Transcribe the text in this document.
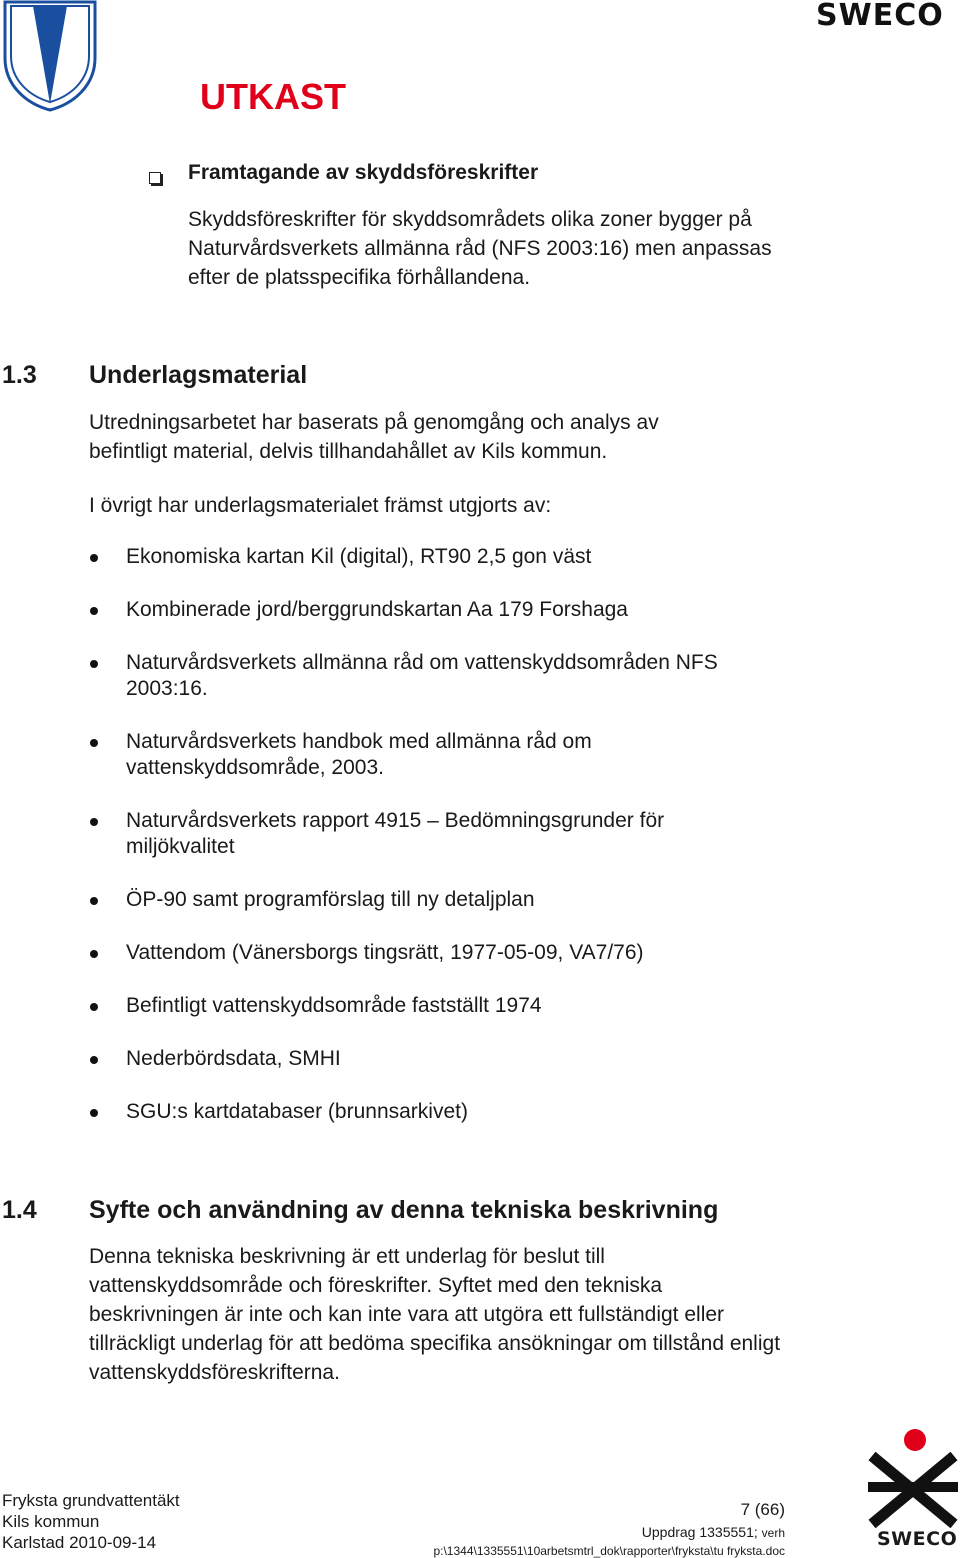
SWECO
UTKAST
Framtagande av skyddsföreskrifter
Skyddsföreskrifter för skyddsområdets olika zoner bygger på Naturvårdsverkets allmänna råd (NFS 2003:16) men anpassas efter de platsspecifika förhållandena.
1.3 Underlagsmaterial
Utredningsarbetet har baserats på genomgång och analys av befintligt material, delvis tillhandahållet av Kils kommun.
I övrigt har underlagsmaterialet främst utgjorts av:
Ekonomiska kartan Kil (digital), RT90 2,5 gon väst
Kombinerade jord/berggrundskartan Aa 179 Forshaga
Naturvårdsverkets allmänna råd om vattenskyddsområden NFS 2003:16.
Naturvårdsverkets handbok med allmänna råd om vattenskyddsområde, 2003.
Naturvårdsverkets rapport 4915 – Bedömningsgrunder för miljökvalitet
ÖP-90 samt programförslag till ny detaljplan
Vattendom (Vänersborgs tingsrätt, 1977-05-09, VA7/76)
Befintligt vattenskyddsområde fastställt 1974
Nederbördsdata, SMHI
SGU:s kartdatabaser (brunnsarkivet)
1.4 Syfte och användning av denna tekniska beskrivning
Denna tekniska beskrivning är ett underlag för beslut till vattenskyddsområde och föreskrifter. Syftet med den tekniska beskrivningen är inte och kan inte vara att utgöra ett fullständigt eller tillräckligt underlag för att bedöma specifika ansökningar om tillstånd enligt vattenskyddsföreskrifterna.
Fryksta grundvattentäkt
Kils kommun
Karlstad 2010-09-14
7 (66)
Uppdrag 1335551; verh
p:\1344\1335551\10arbetsmtrl_dok\rapporter\fryksta\tu fryksta.doc
SWECO
